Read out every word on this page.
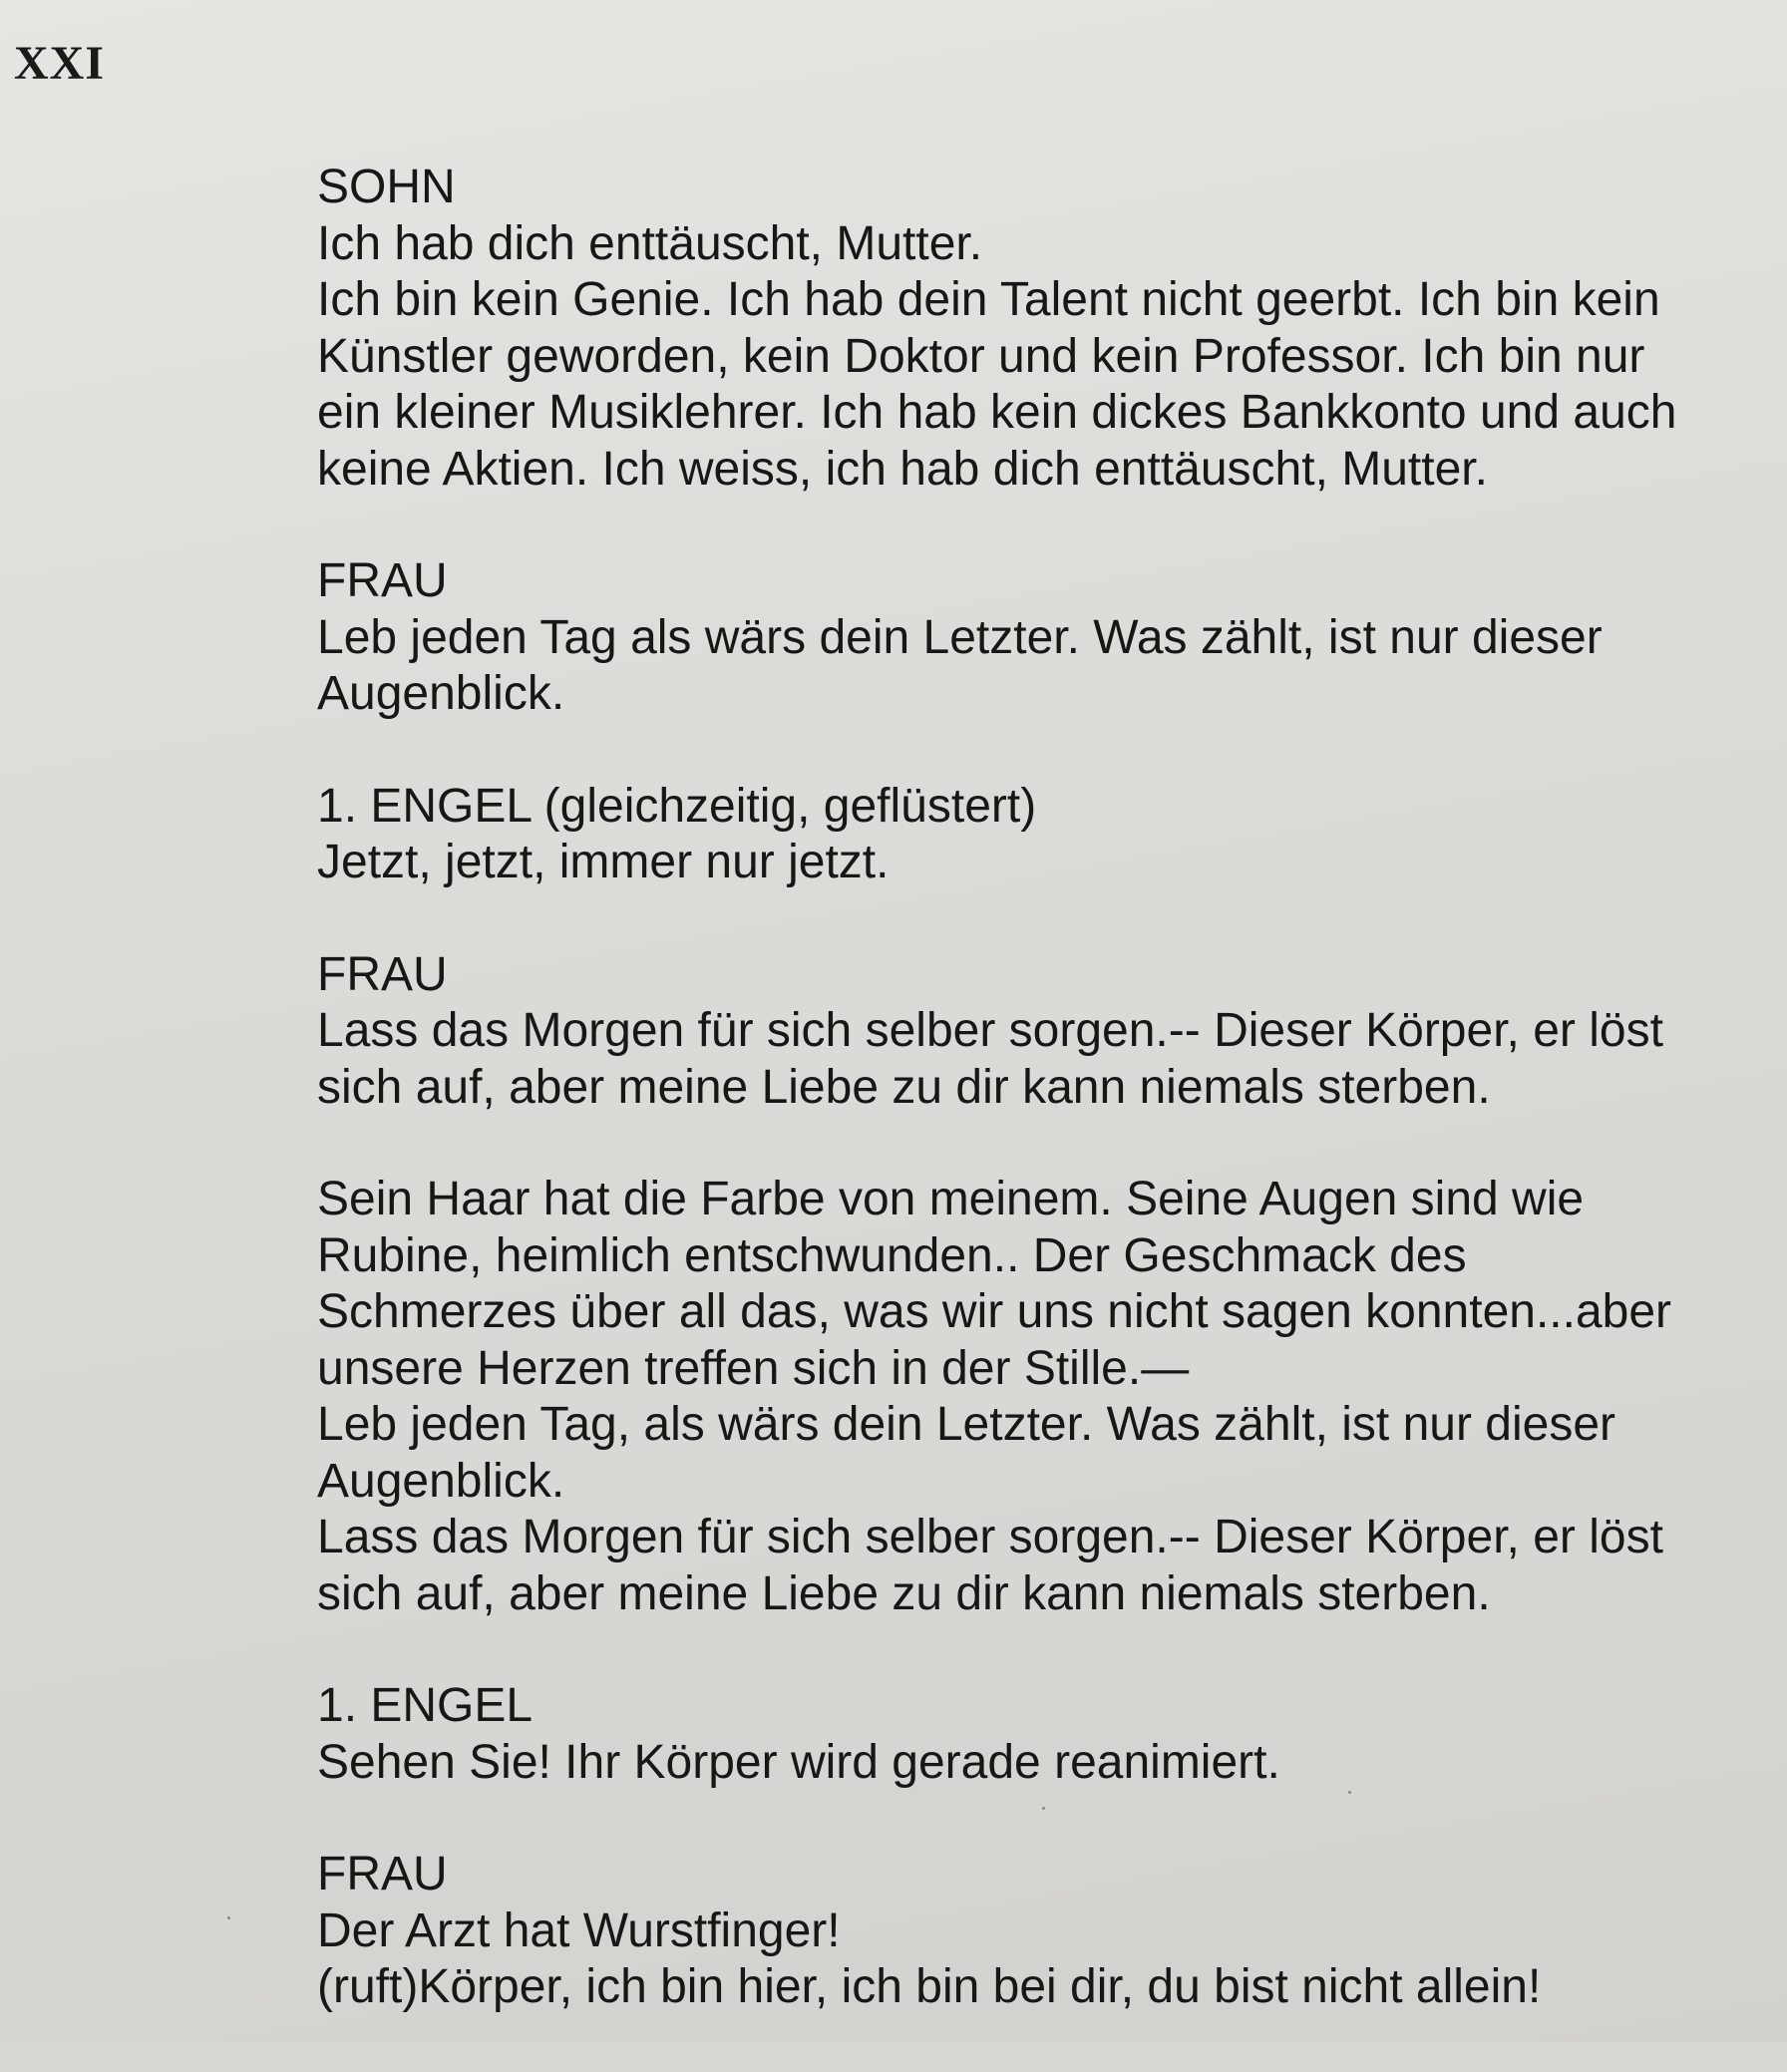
XXI
SOHN
Ich hab dich enttäuscht, Mutter.
Ich bin kein Genie. Ich hab dein Talent nicht geerbt. Ich bin kein
Künstler geworden, kein Doktor und kein Professor. Ich bin nur
ein kleiner Musiklehrer. Ich hab kein dickes Bankkonto und auch
keine Aktien. Ich weiss, ich hab dich enttäuscht, Mutter.
FRAU
Leb jeden Tag als wärs dein Letzter. Was zählt, ist nur dieser
Augenblick.
1. ENGEL (gleichzeitig, geflüstert)
Jetzt, jetzt, immer nur jetzt.
FRAU
Lass das Morgen für sich selber sorgen.-- Dieser Körper, er löst
sich auf, aber meine Liebe zu dir kann niemals sterben.
Sein Haar hat die Farbe von meinem. Seine Augen sind wie
Rubine, heimlich entschwunden.. Der Geschmack des
Schmerzes über all das, was wir uns nicht sagen konnten...aber
unsere Herzen treffen sich in der Stille.—
Leb jeden Tag, als wärs dein Letzter. Was zählt, ist nur dieser
Augenblick.
Lass das Morgen für sich selber sorgen.-- Dieser Körper, er löst
sich auf, aber meine Liebe zu dir kann niemals sterben.
1. ENGEL
Sehen Sie! Ihr Körper wird gerade reanimiert.
FRAU
Der Arzt hat Wurstfinger!
(ruft)Körper, ich bin hier, ich bin bei dir, du bist nicht allein!
